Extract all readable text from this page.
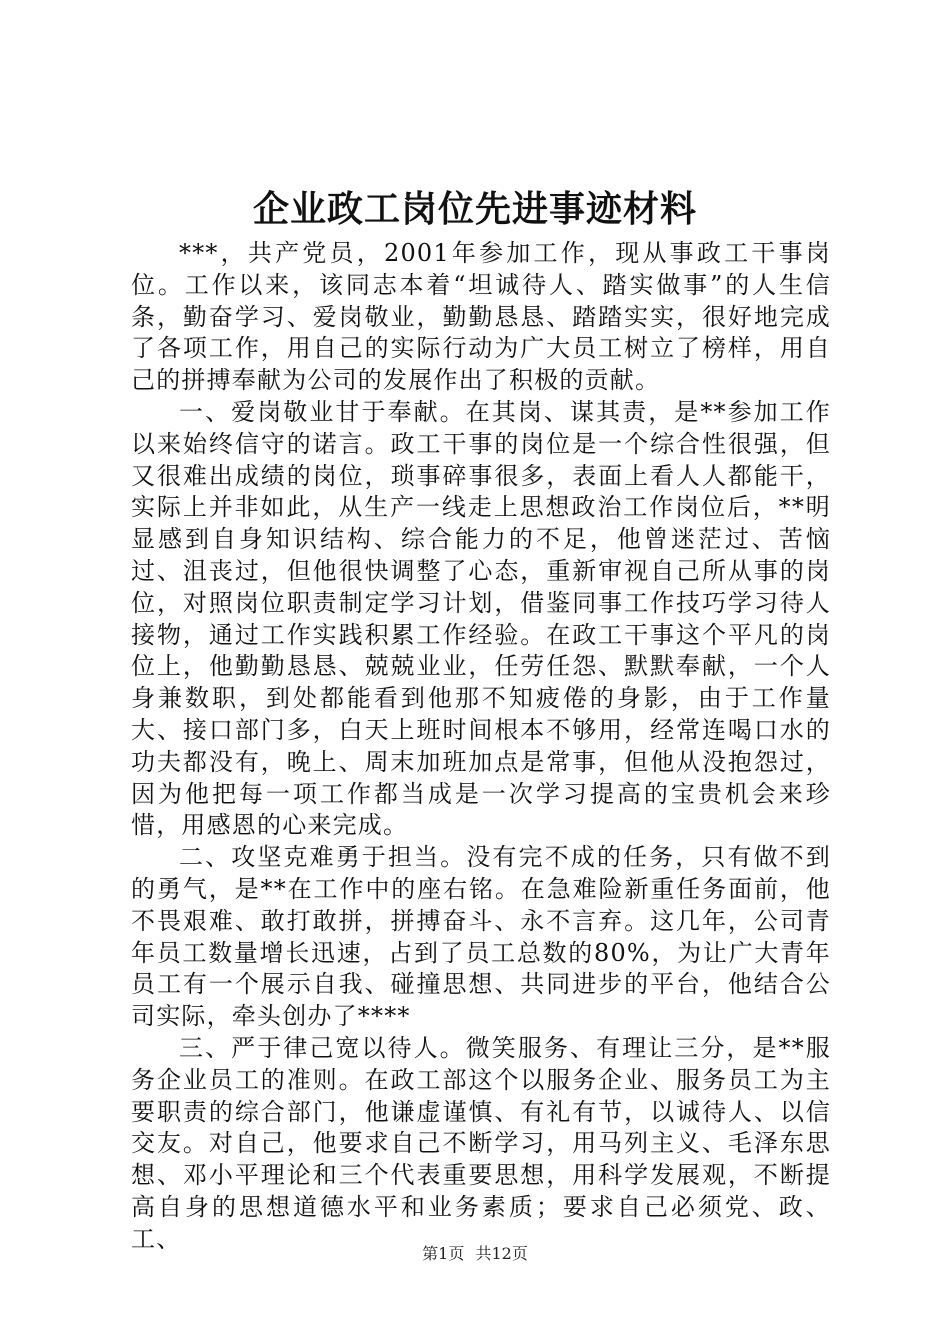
企业政工岗位先进事迹材料

***，共产党员，2001年参加工作，现从事政工干事岗位。工作以来，该同志本着“坦诚待人、踏实做事”的人生信条，勤奋学习、爱岗敬业，勤勤恳恳、踏踏实实，很好地完成了各项工作，用自己的实际行动为广大员工树立了榜样，用自己的拼搏奉献为公司的发展作出了积极的贡献。

一、爱岗敬业甘于奉献。在其岗、谋其责，是**参加工作以来始终信守的诺言。政工干事的岗位是一个综合性很强，但又很难出成绩的岗位，琐事碎事很多，表面上看人人都能干，实际上并非如此，从生产一线走上思想政治工作岗位后，**明显感到自身知识结构、综合能力的不足，他曾迷茫过、苦恼过、沮丧过，但他很快调整了心态，重新审视自己所从事的岗位，对照岗位职责制定学习计划，借鉴同事工作技巧学习待人接物，通过工作实践积累工作经验。在政工干事这个平凡的岗位上，他勤勤恳恳、兢兢业业，任劳任怨、默默奉献，一个人身兼数职，到处都能看到他那不知疲倦的身影，由于工作量大、接口部门多，白天上班时间根本不够用，经常连喝口水的功夫都没有，晚上、周末加班加点是常事，但他从没抱怨过，因为他把每一项工作都当成是一次学习提高的宝贵机会来珍惜，用感恩的心来完成。

二、攻坚克难勇于担当。没有完不成的任务，只有做不到的勇气，是**在工作中的座右铭。在急难险新重任务面前，他不畏艰难、敢打敢拼，拼搏奋斗、永不言弃。这几年，公司青年员工数量增长迅速，占到了员工总数的80%，为让广大青年员工有一个展示自我、碰撞思想、共同进步的平台，他结合公司实际，牵头创办了****

三、严于律己宽以待人。微笑服务、有理让三分，是**服务企业员工的准则。在政工部这个以服务企业、服务员工为主要职责的综合部门，他谦虚谨慎、有礼有节，以诚待人、以信交友。对自己，他要求自己不断学习，用马列主义、毛泽东思想、邓小平理论和三个代表重要思想，用科学发展观，不断提高自身的思想道德水平和业务素质；要求自己必须党、政、工、

第1页 共12页
